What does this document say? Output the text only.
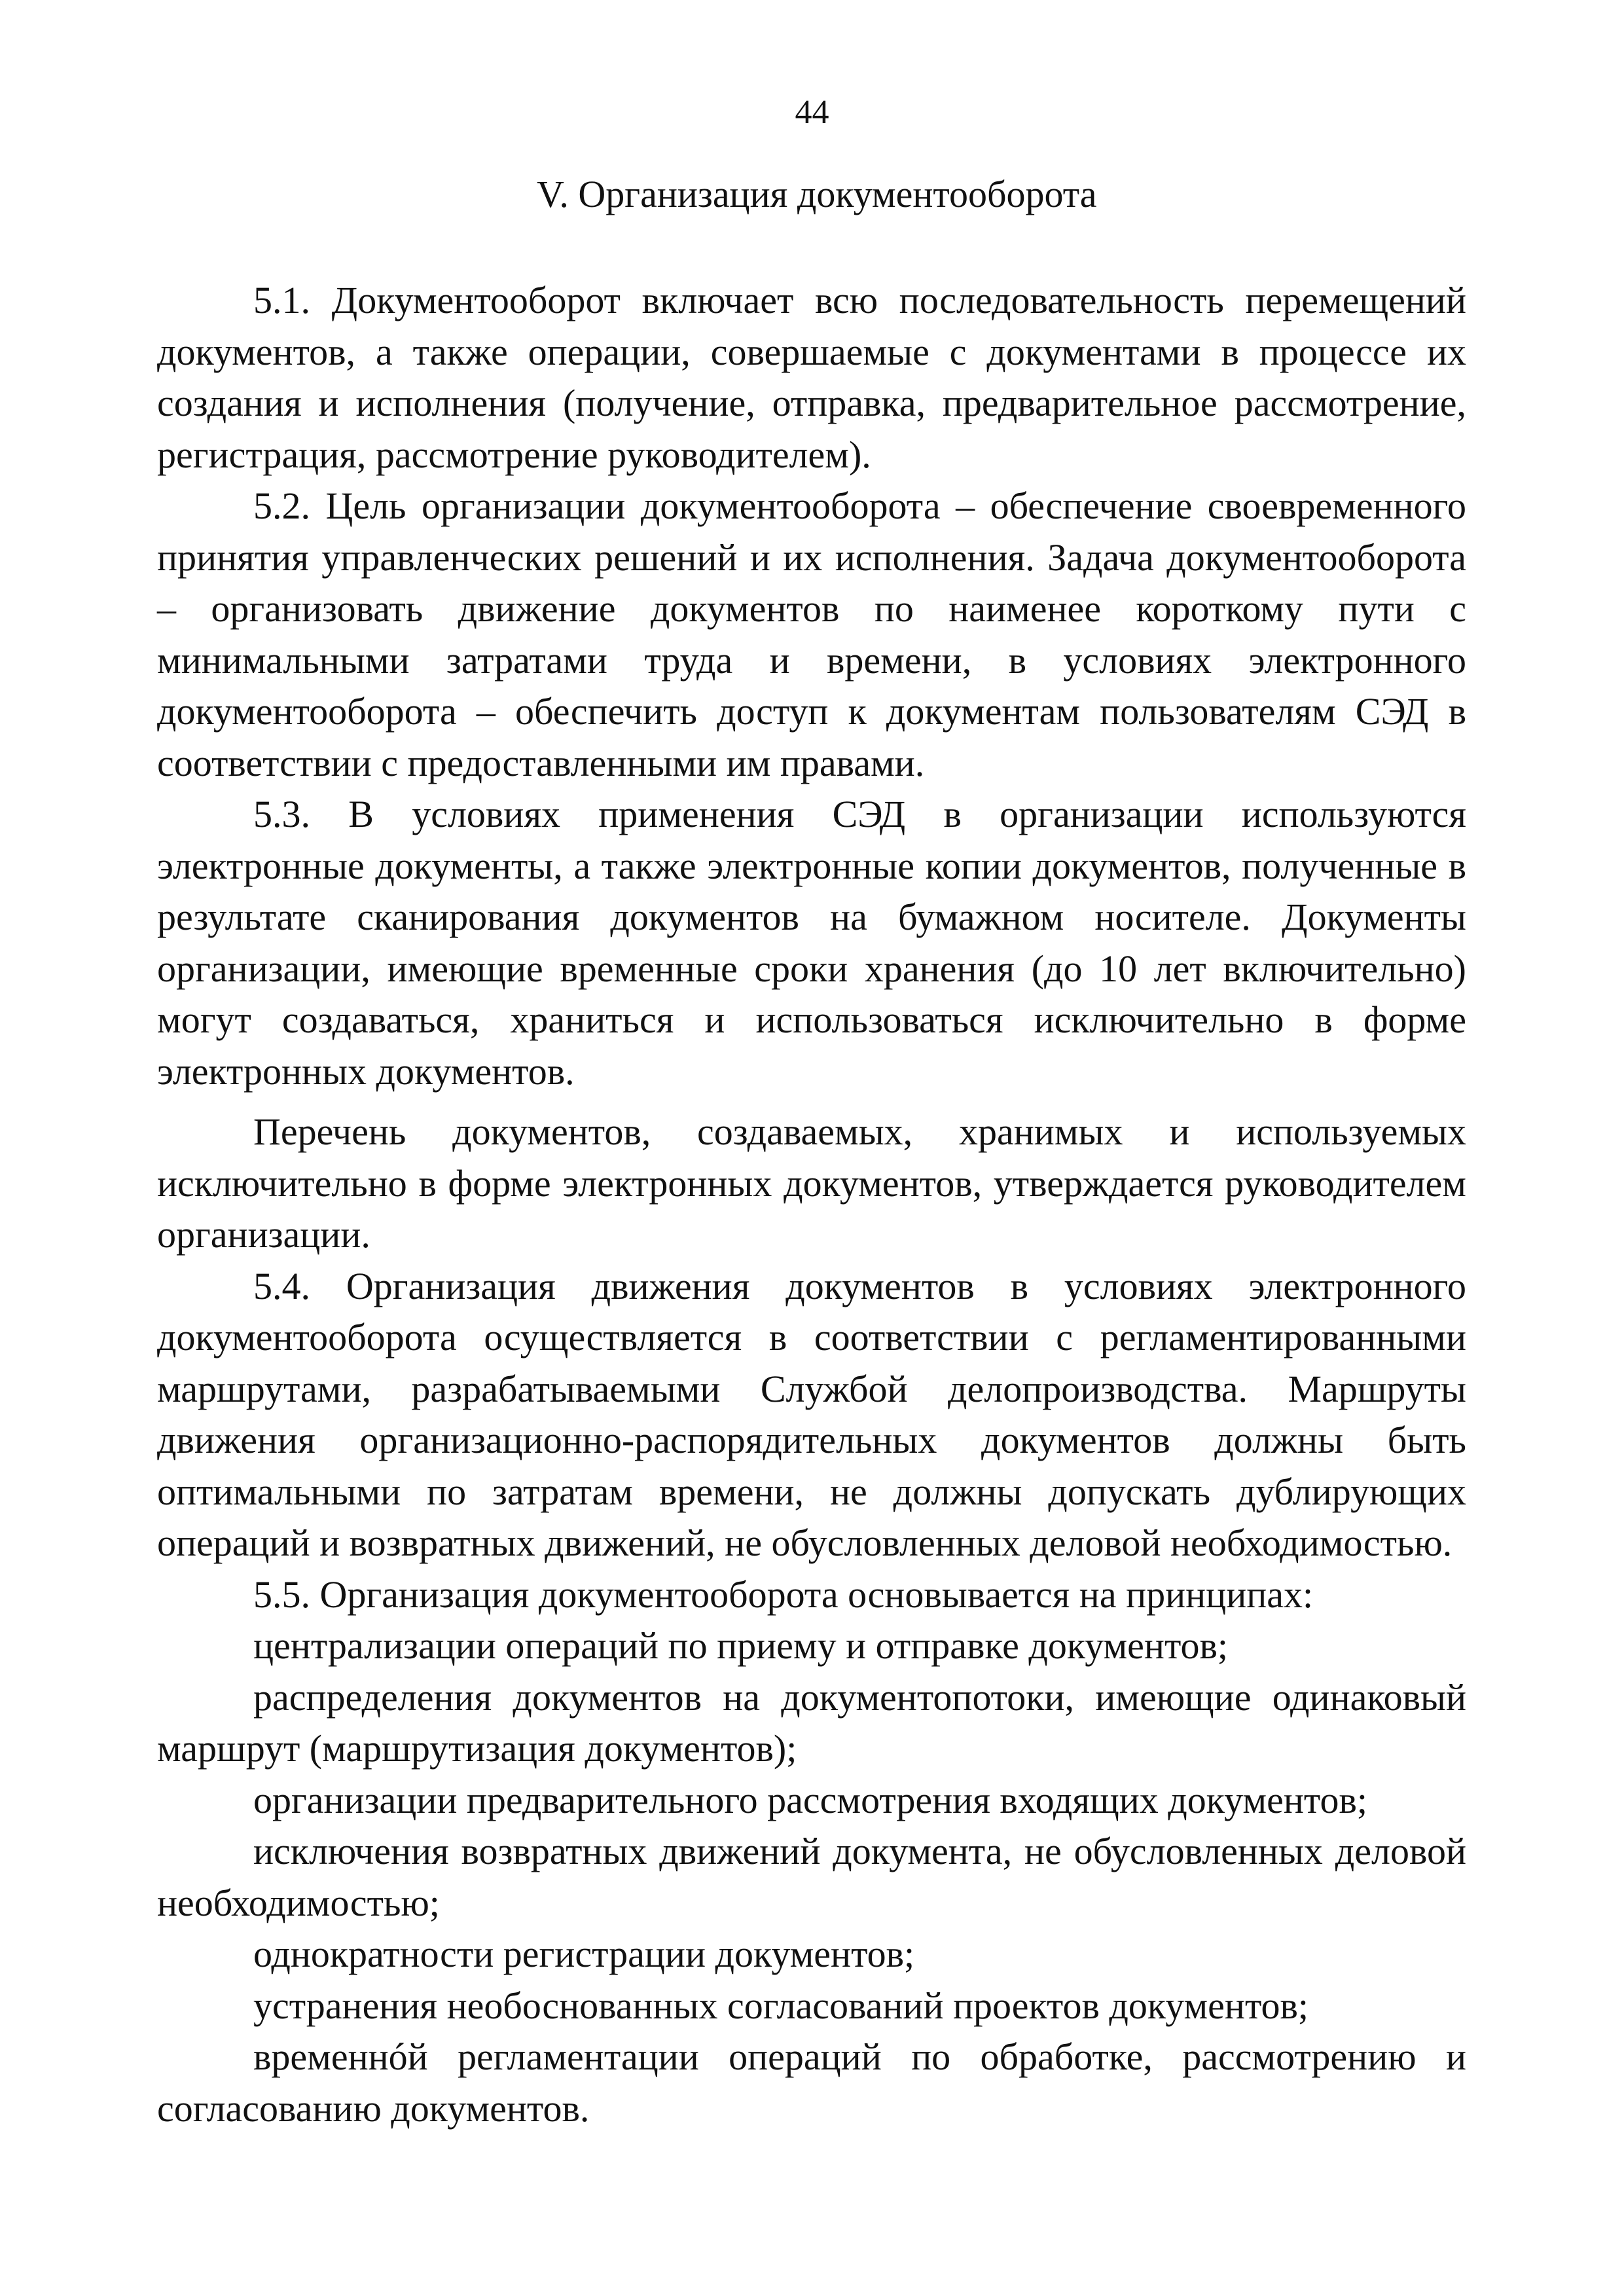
44
V. Организация документооборота

5.1. Документооборот включает всю последовательность перемещений документов, а также операции, совершаемые с документами в процессе их создания и исполнения (получение, отправка, предварительное рассмотрение, регистрация, рассмотрение руководителем).

5.2. Цель организации документооборота – обеспечение своевременного принятия управленческих решений и их исполнения. Задача документооборота – организовать движение документов по наименее короткому пути с минимальными затратами труда и времени, в условиях электронного документооборота – обеспечить доступ к документам пользователям СЭД в соответствии с предоставленными им правами.

5.3. В условиях применения СЭД в организации используются электронные документы, а также электронные копии документов, полученные в результате сканирования документов на бумажном носителе. Документы организации, имеющие временные сроки хранения (до 10 лет включительно) могут создаваться, храниться и использоваться исключительно в форме электронных документов.

Перечень документов, создаваемых, хранимых и используемых исключительно в форме электронных документов, утверждается руководителем организации.

5.4. Организация движения документов в условиях электронного документооборота осуществляется в соответствии с регламентированными маршрутами, разрабатываемыми Службой делопроизводства. Маршруты движения организационно-распорядительных документов должны быть оптимальными по затратам времени, не должны допускать дублирующих операций и возвратных движений, не обусловленных деловой необходимостью.

5.5. Организация документооборота основывается на принципах:

централизации операций по приему и отправке документов;

распределения документов на документопотоки, имеющие одинаковый маршрут (маршрутизация документов);

организации предварительного рассмотрения входящих документов;

исключения возвратных движений документа, не обусловленных деловой необходимостью;

однократности регистрации документов;

устранения необоснованных согласований проектов документов;

временнóй регламентации операций по обработке, рассмотрению и согласованию документов.
